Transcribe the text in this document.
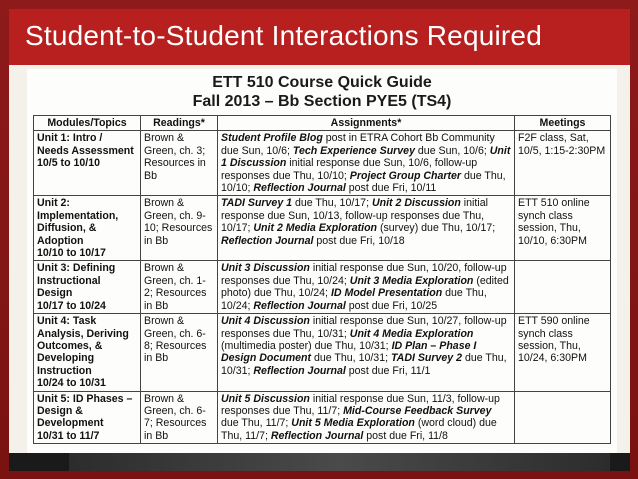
Student-to-Student Interactions Required
ETT 510 Course Quick Guide
Fall 2013 – Bb Section PYE5 (TS4)
Modules/Topics	Readings*	Assignments*	Meetings

Unit 1: Intro / Needs Assessment
10/5 to 10/10	Brown & Green, ch. 3; Resources in Bb	Student Profile Blog post in ETRA Cohort Bb Community due Sun, 10/6; Tech Experience Survey due Sun, 10/6; Unit 1 Discussion initial response due Sun, 10/6, follow-up responses due Thu, 10/10; Project Group Charter due Thu, 10/10; Reflection Journal post due Fri, 10/11	F2F class, Sat, 10/5, 1:15-2:30PM

Unit 2: Implementation, Diffusion, & Adoption
10/10 to 10/17	Brown & Green, ch. 9-10; Resources in Bb	TADI Survey 1 due Thu, 10/17; Unit 2 Discussion initial response due Sun, 10/13, follow-up responses due Thu, 10/17; Unit 2 Media Exploration (survey) due Thu, 10/17; Reflection Journal post due Fri, 10/18	ETT 510 online synch class session, Thu, 10/10, 6:30PM

Unit 3: Defining Instructional Design
10/17 to 10/24	Brown & Green, ch. 1-2; Resources in Bb	Unit 3 Discussion initial response due Sun, 10/20, follow-up responses due Thu, 10/24; Unit 3 Media Exploration (edited photo) due Thu, 10/24; ID Model Presentation due Thu, 10/24; Reflection Journal post due Fri, 10/25	

Unit 4: Task Analysis, Deriving Outcomes, & Developing Instruction
10/24 to 10/31	Brown & Green, ch. 6-8; Resources in Bb	Unit 4 Discussion initial response due Sun, 10/27, follow-up responses due Thu, 10/31; Unit 4 Media Exploration (multimedia poster) due Thu, 10/31; ID Plan – Phase I Design Document due Thu, 10/31; TADI Survey 2 due Thu, 10/31; Reflection Journal post due Fri, 11/1	ETT 590 online synch class session, Thu, 10/24, 6:30PM

Unit 5: ID Phases – Design & Development
10/31 to 11/7	Brown & Green, ch. 6-7; Resources in Bb	Unit 5 Discussion initial response due Sun, 11/3, follow-up responses due Thu, 11/7; Mid-Course Feedback Survey due Thu, 11/7; Unit 5 Media Exploration (word cloud) due Thu, 11/7; Reflection Journal post due Fri, 11/8	
